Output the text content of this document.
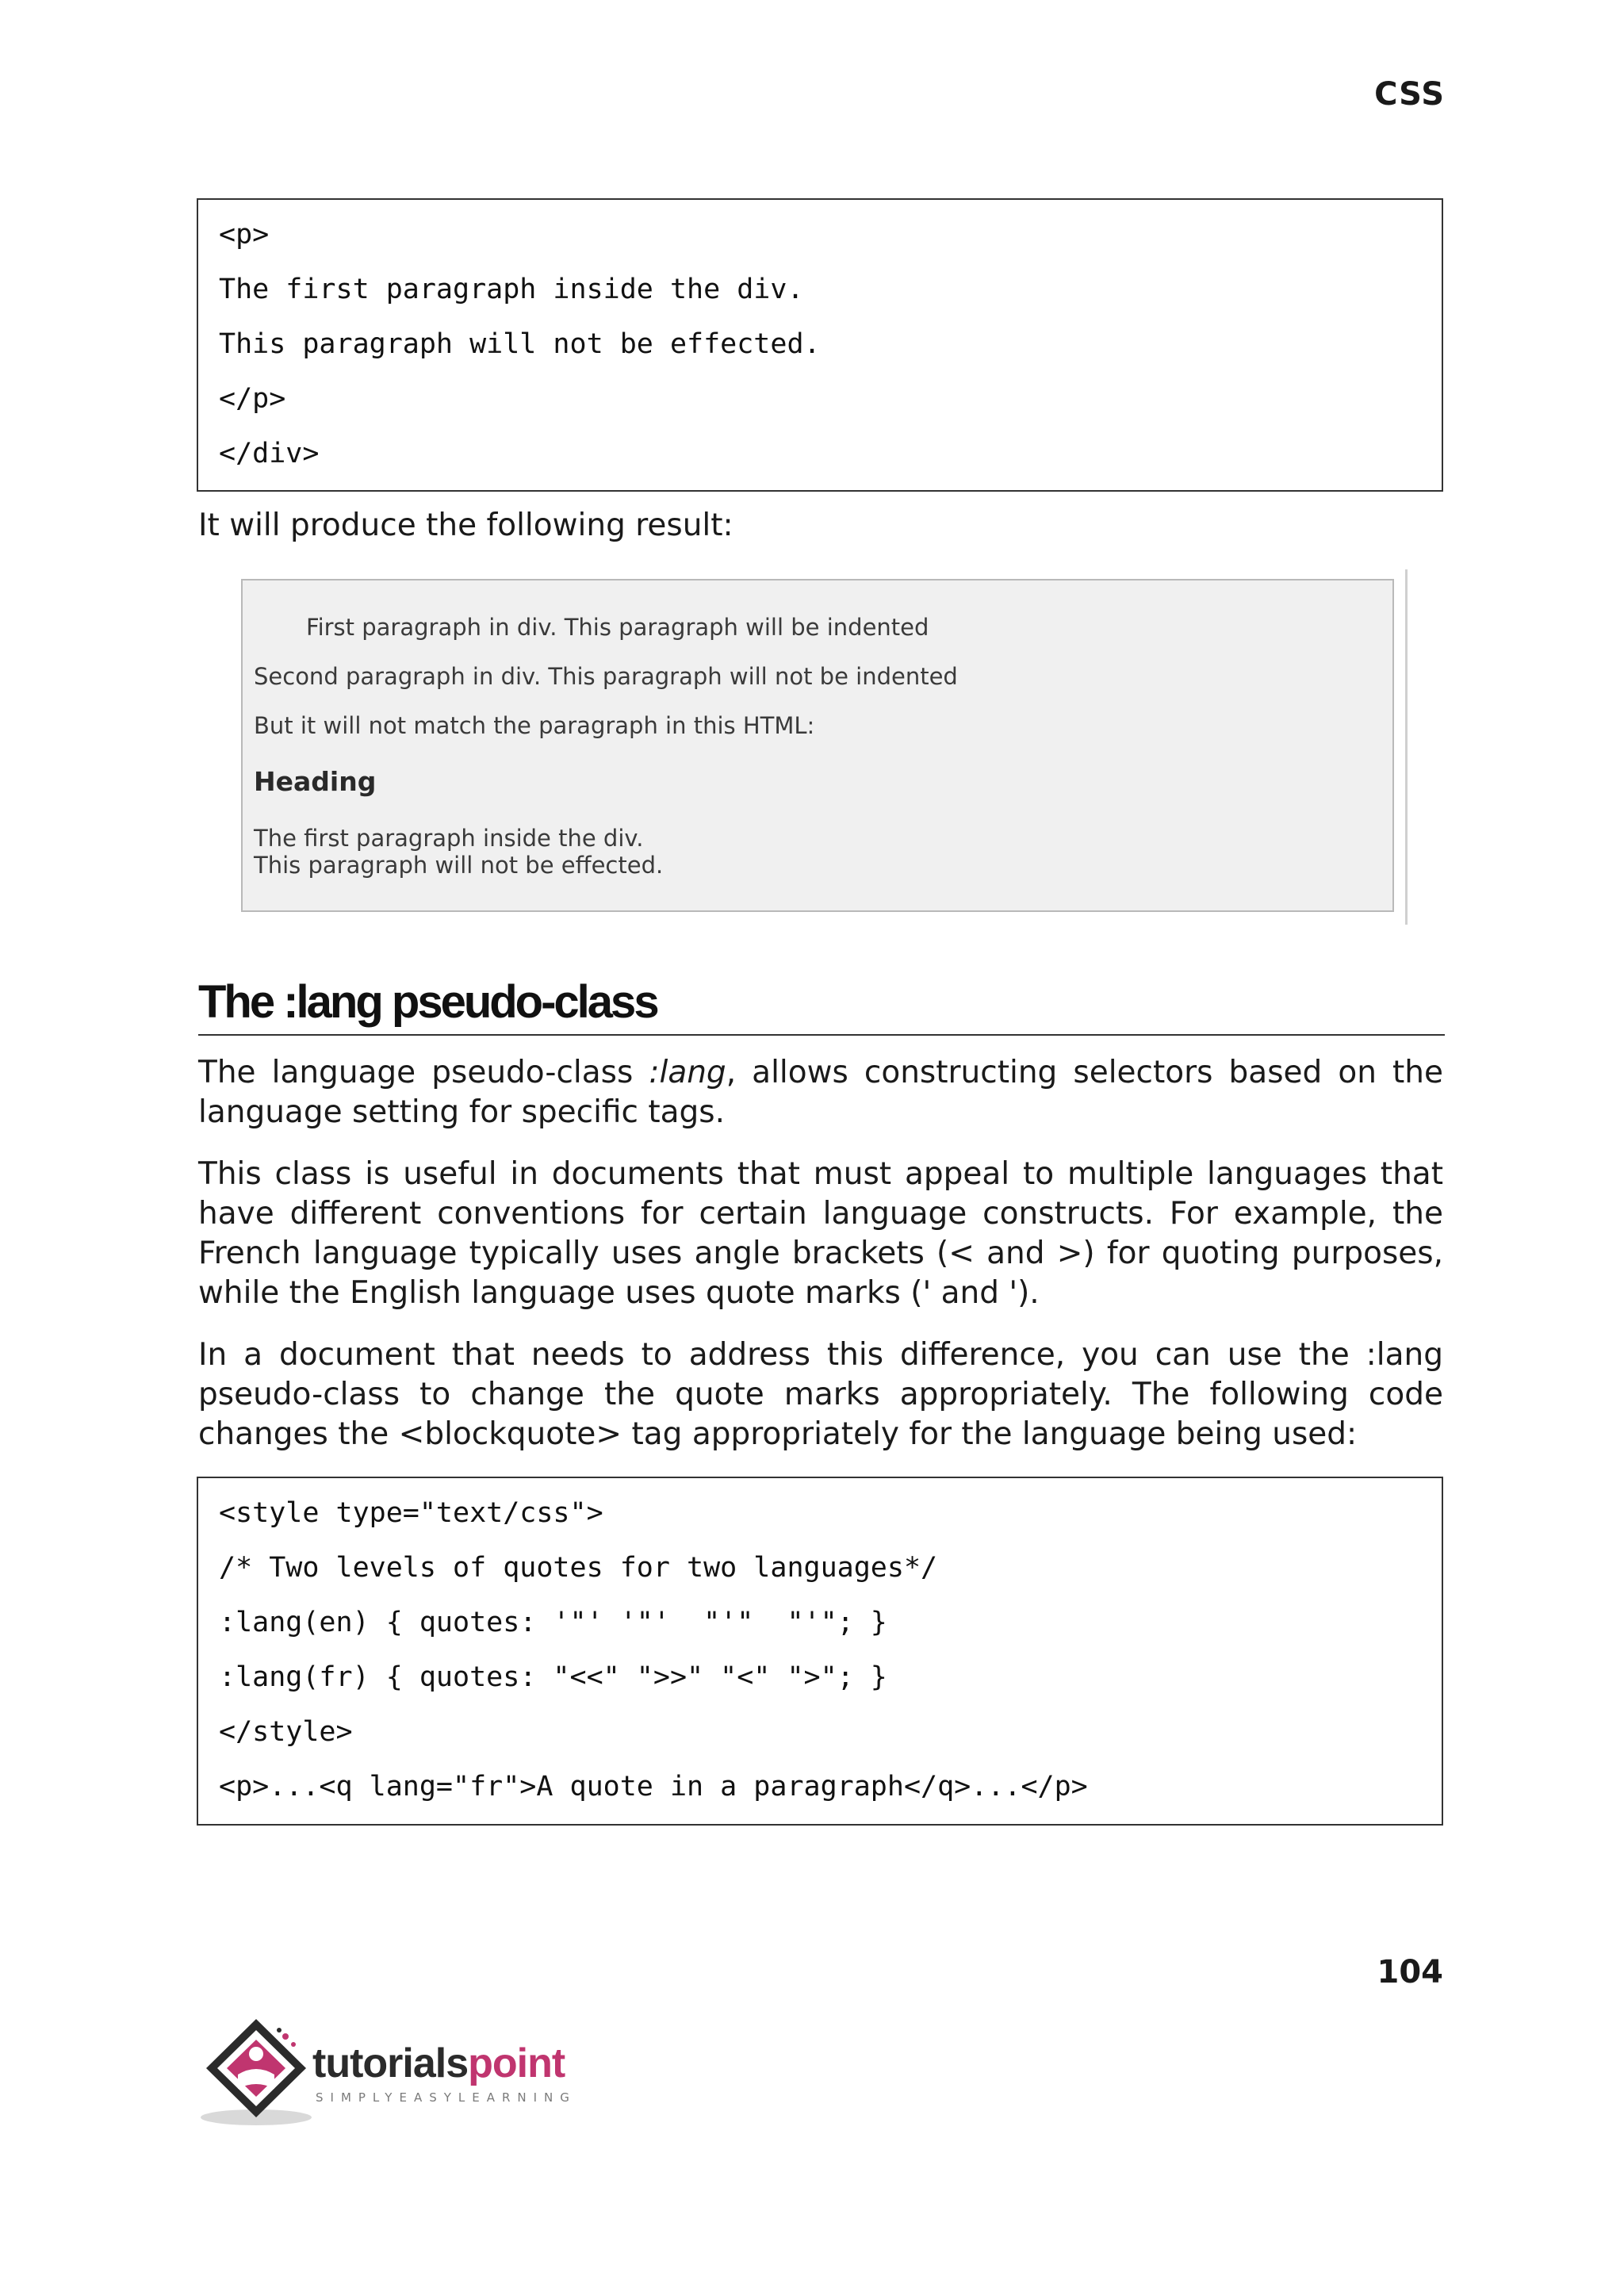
CSS
<p>
The first paragraph inside the div.
This paragraph will not be effected.
</p>
</div>
It will produce the following result:
First paragraph in div. This paragraph will be indented
Second paragraph in div. This paragraph will not be indented
But it will not match the paragraph in this HTML:
Heading
The first paragraph inside the div.
This paragraph will not be effected.
The :lang pseudo-class
The language pseudo-class :lang, allows constructing selectors based on the language setting for specific tags.
This class is useful in documents that must appeal to multiple languages that have different conventions for certain language constructs. For example, the French language typically uses angle brackets (< and >) for quoting purposes, while the English language uses quote marks (' and ').
In a document that needs to address this difference, you can use the :lang pseudo-class to change the quote marks appropriately. The following code changes the <blockquote> tag appropriately for the language being used:
<style type="text/css">
/* Two levels of quotes for two languages*/
:lang(en) { quotes: '"' '"'  "'"  "'"; }
:lang(fr) { quotes: "<<" ">>" "<" ">"; }
</style>
<p>...<q lang="fr">A quote in a paragraph</q>...</p>
104
tutorialspoint
SIMPLYEASYLEARNING
